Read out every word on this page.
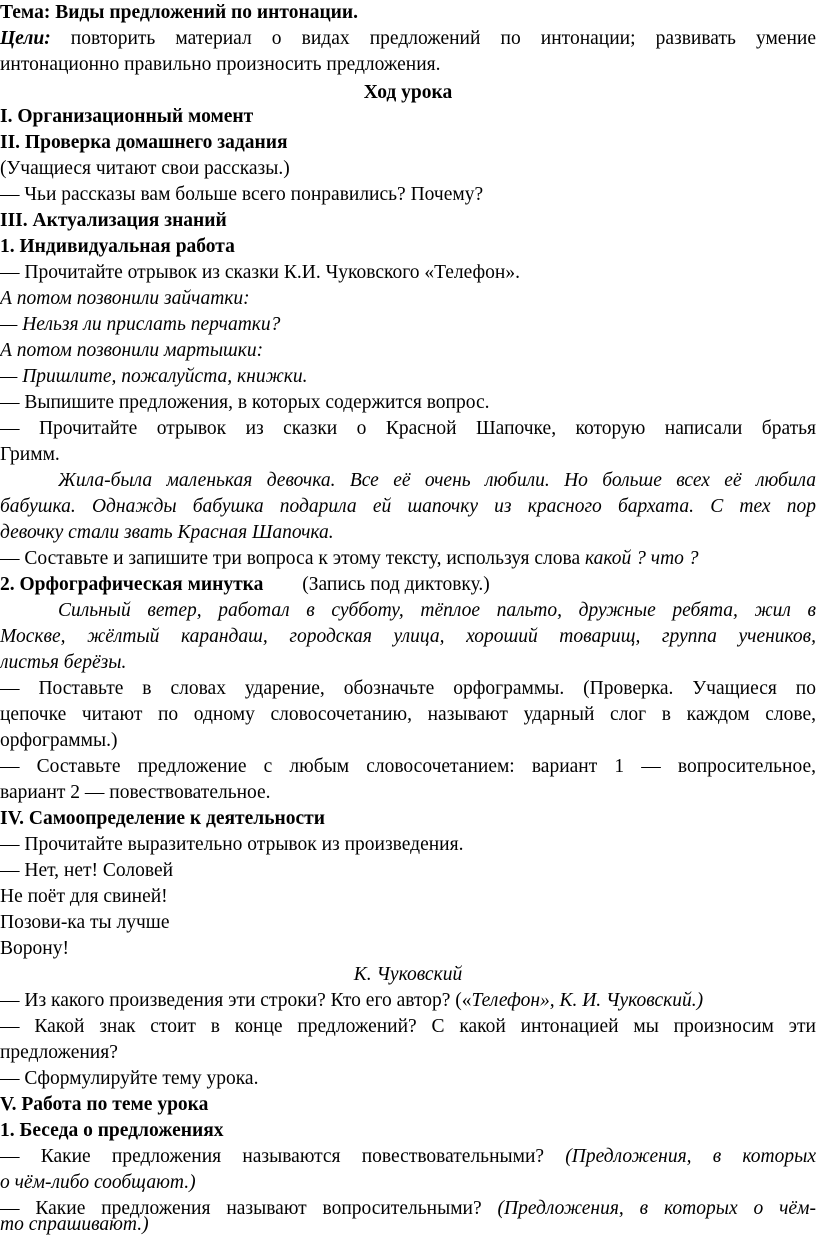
Тема: Виды предложений по интонации.
Цели: повторить материал о видах предложений по интонации; развивать умение
интонационно правильно произносить предложения.
Ход урока
I. Организационный момент
II. Проверка домашнего задания
(Учащиеся читают свои рассказы.)
— Чьи рассказы вам больше всего понравились? Почему?
III. Актуализация знаний
1. Индивидуальная работа
— Прочитайте отрывок из сказки К.И. Чуковского «Телефон».
А потом позвонили зайчатки:
— Нельзя ли прислать перчатки?
А потом позвонили мартышки:
— Пришлите, пожалуйста, книжки.
— Выпишите предложения, в которых содержится вопрос.
— Прочитайте отрывок из сказки о Красной Шапочке, которую написали братья
Гримм.
Жила-была маленькая девочка. Все её очень любили. Но больше всех её любила
бабушка. Однажды бабушка подарила ей шапочку из красного бархата. С тех пор
девочку стали звать Красная Шапочка.
— Составьте и запишите три вопроса к этому тексту, используя слова какой ? что ?
2. Орфографическая минутка (Запись под диктовку.)
Сильный ветер, работал в субботу, тёплое пальто, дружные ребята, жил в
Москве, жёлтый карандаш, городская улица, хороший товарищ, группа учеников,
листья берёзы.
— Поставьте в словах ударение, обозначьте орфограммы. (Проверка. Учащиеся по
цепочке читают по одному словосочетанию, называют ударный слог в каждом слове,
орфограммы.)
— Составьте предложение с любым словосочетанием: вариант 1 — вопросительное,
вариант 2 — повествовательное.
IV. Самоопределение к деятельности
— Прочитайте выразительно отрывок из произведения.
— Нет, нет! Соловей
Не поёт для свиней!
Позови-ка ты лучше
Ворону!
К. Чуковский
— Из какого произведения эти строки? Кто его автор? («Телефон», К. И. Чуковский.)
— Какой знак стоит в конце предложений? С какой интонацией мы произносим эти
предложения?
— Сформулируйте тему урока.
V. Работа по теме урока
1. Беседа о предложениях
— Какие предложения называются повествовательными? (Предложения, в которых
о чём-либо сообщают.)
— Какие предложения называют вопросительными? (Предложения, в которых о чём-
то спрашивают.)
